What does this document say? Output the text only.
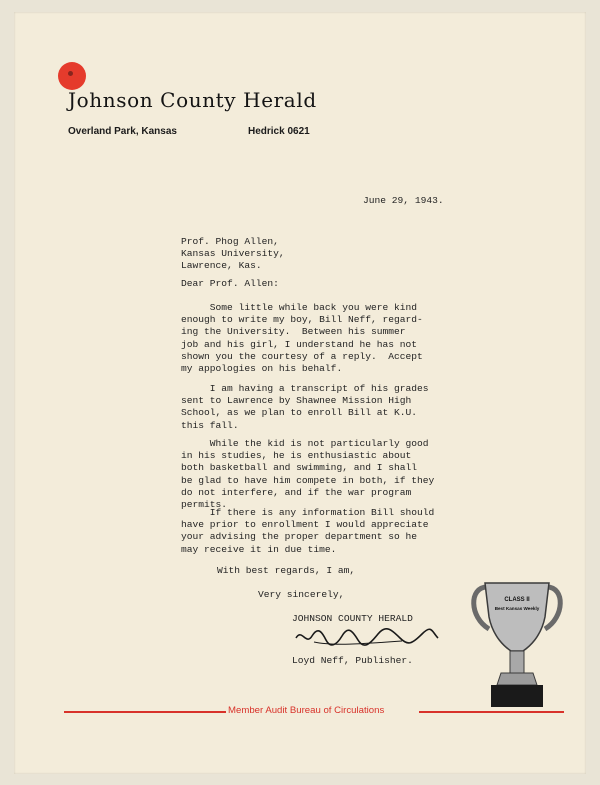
Johnson County Herald
Overland Park, Kansas	Hedrick 0621
June 29, 1943.
Prof. Phog Allen,
Kansas University,
Lawrence, Kas.
Dear Prof. Allen:
Some little while back you were kind
enough to write my boy, Bill Neff, regard-
ing the University.  Between his summer
job and his girl, I understand he has not
shown you the courtesy of a reply.  Accept
my appologies on his behalf.
I am having a transcript of his grades
sent to Lawrence by Shawnee Mission High
School, as we plan to enroll Bill at K.U.
this fall.
While the kid is not particularly good
in his studies, he is enthusiastic about
both basketball and swimming, and I shall
be glad to have him compete in both, if they
do not interfere, and if the war program
permits.
If there is any information Bill should
have prior to enrollment I would appreciate
your advising the proper department so he
may receive it in due time.
With best regards, I am,
Very sincerely,
JOHNSON COUNTY HERALD
Loyd Neff, Publisher.
Member Audit Bureau of Circulations
CLASS II
Best Kansas Weekly
